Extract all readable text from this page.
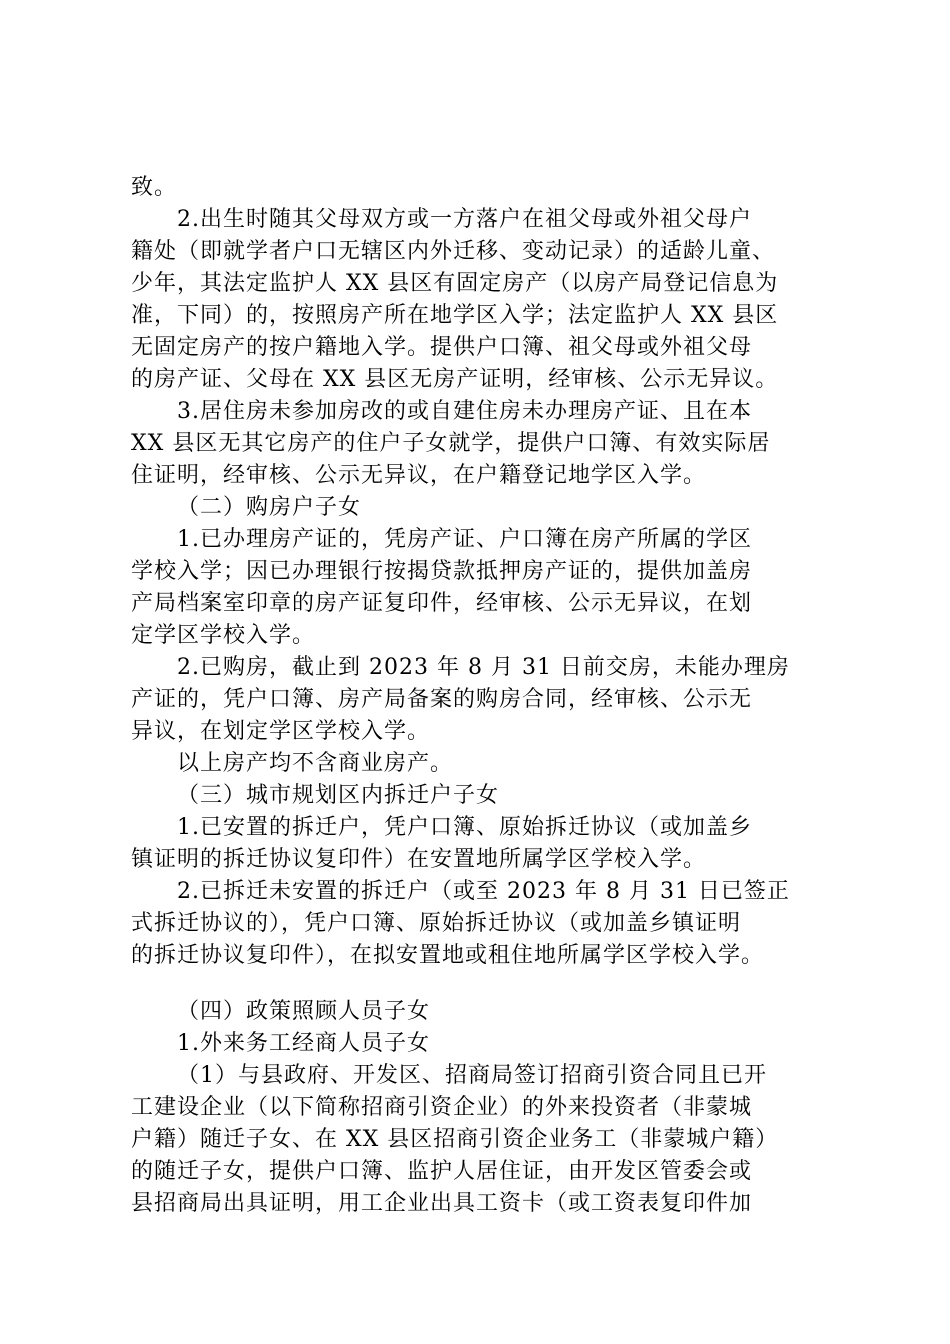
致。
2.出生时随其父母双方或一方落户在祖父母或外祖父母户
籍处（即就学者户口无辖区内外迁移、变动记录）的适龄儿童、
少年，其法定监护人 XX 县区有固定房产（以房产局登记信息为
准，下同）的，按照房产所在地学区入学；法定监护人 XX 县区
无固定房产的按户籍地入学。提供户口簿、祖父母或外祖父母
的房产证、父母在 XX 县区无房产证明，经审核、公示无异议。
3.居住房未参加房改的或自建住房未办理房产证、且在本
XX 县区无其它房产的住户子女就学，提供户口簿、有效实际居
住证明，经审核、公示无异议，在户籍登记地学区入学。
（二）购房户子女
1.已办理房产证的，凭房产证、户口簿在房产所属的学区
学校入学；因已办理银行按揭贷款抵押房产证的，提供加盖房
产局档案室印章的房产证复印件，经审核、公示无异议，在划
定学区学校入学。
2.已购房，截止到 2023 年 8 月 31 日前交房，未能办理房
产证的，凭户口簿、房产局备案的购房合同，经审核、公示无
异议，在划定学区学校入学。
以上房产均不含商业房产。
（三）城市规划区内拆迁户子女
1.已安置的拆迁户，凭户口簿、原始拆迁协议（或加盖乡
镇证明的拆迁协议复印件）在安置地所属学区学校入学。
2.已拆迁未安置的拆迁户（或至 2023 年 8 月 31 日已签正
式拆迁协议的），凭户口簿、原始拆迁协议（或加盖乡镇证明
的拆迁协议复印件），在拟安置地或租住地所属学区学校入学。
（四）政策照顾人员子女
1.外来务工经商人员子女
（1）与县政府、开发区、招商局签订招商引资合同且已开
工建设企业（以下简称招商引资企业）的外来投资者（非蒙城
户籍）随迁子女、在 XX 县区招商引资企业务工（非蒙城户籍）
的随迁子女，提供户口簿、监护人居住证，由开发区管委会或
县招商局出具证明，用工企业出具工资卡（或工资表复印件加
